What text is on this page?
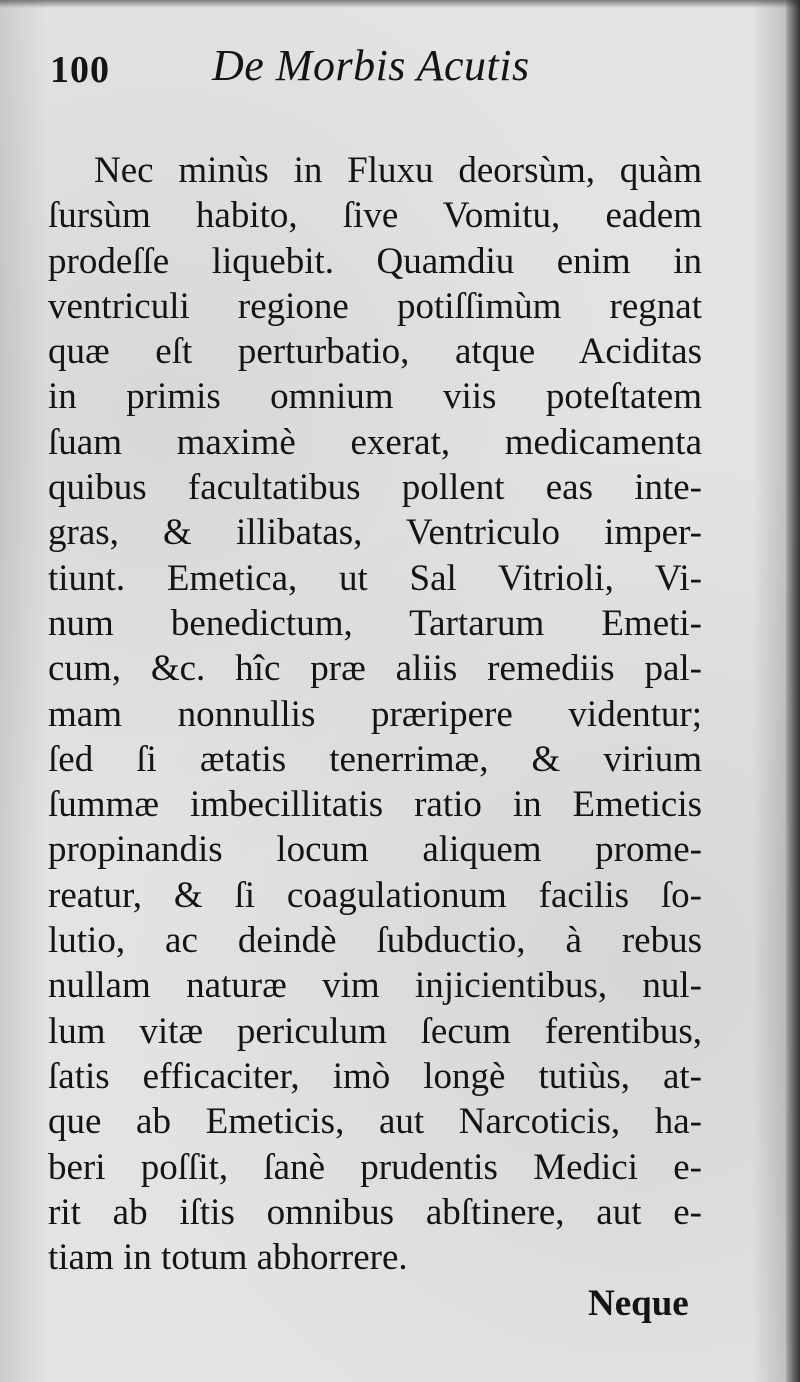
100 De Morbis Acutis
Nec minùs in Fluxu deorsùm, quàm
ſursùm habito, ſive Vomitu, eadem
prodeſſe liquebit. Quamdiu enim in
ventriculi regione potiſſimùm regnat
quæ eſt perturbatio, atque Aciditas
in primis omnium viis poteſtatem
ſuam maximè exerat, medicamenta
quibus facultatibus pollent eas inte-
gras, & illibatas, Ventriculo imper-
tiunt. Emetica, ut Sal Vitrioli, Vi-
num benedictum, Tartarum Emeti-
cum, &c. hîc præ aliis remediis pal-
mam nonnullis præripere videntur;
ſed ſi ætatis tenerrimæ, & virium
ſummæ imbecillitatis ratio in Emeticis
propinandis locum aliquem prome-
reatur, & ſi coagulationum facilis ſo-
lutio, ac deindè ſubductio, à rebus
nullam naturæ vim injicientibus, nul-
lum vitæ periculum ſecum ferentibus,
ſatis efficaciter, imò longè tutiùs, at-
que ab Emeticis, aut Narcoticis, ha-
beri poſſit, ſanè prudentis Medici e-
rit ab iſtis omnibus abſtinere, aut e-
tiam in totum abhorrere.
Neque
